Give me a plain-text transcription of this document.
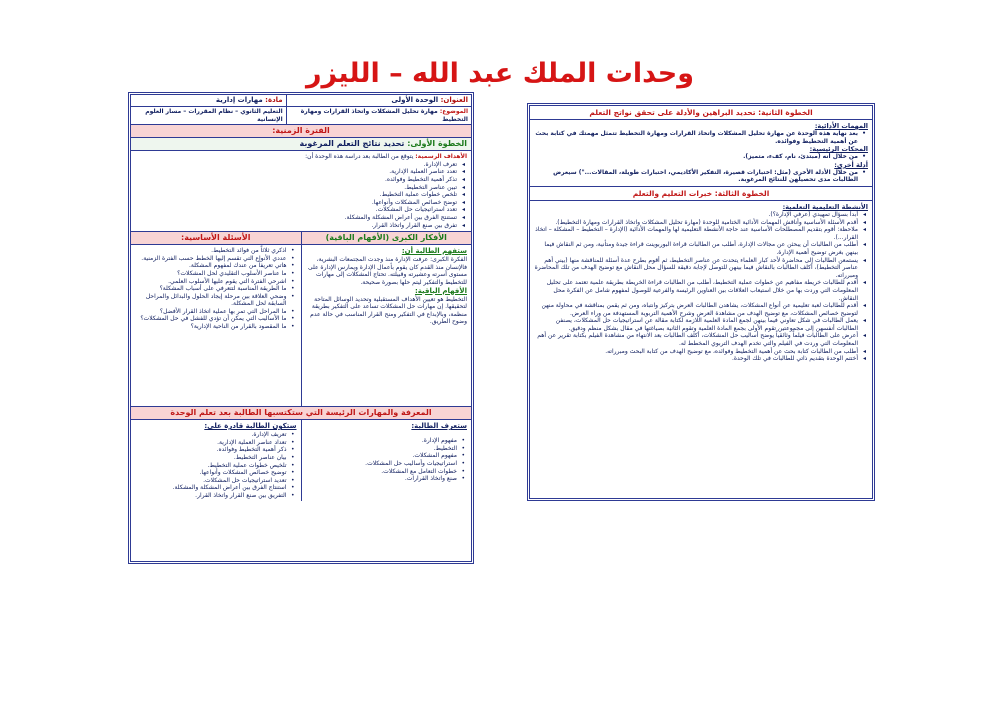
وحدات الملك عبد الله – الليزر
العنوان: الوحدة الأولى
مادة: مهارات إدارية
الموضوع: مهارة تحليل المشكلات واتخاذ القرارات ومهارة التخطيط
التعليم الثانوي – نظام المقررات – مسار العلوم الإنسانية
الفترة الزمنية:
الخطوة الأولى: تحديد نتائج التعلم المرغوبة
الأهداف الرسمية: يتوقع من الطالبة بعد دراسة هذه الوحدة أن:
◂ تعرف الإدارة.
◂ تعدد عناصر العملية الإدارية.
◂ تذكر أهمية التخطيط وفوائده.
◂ تبين عناصر التخطيط.
◂ تلخص خطوات عملية التخطيط.
◂ توضح خصائص المشكلات وأنواعها.
◂ تعدد استراتيجيات حل المشكلات.
◂ تستنتج الفرق بين أعراض المشكلة والمشكلة.
◂ تفرق بين صنع القرار واتخاذ القرار.
الأفكار الكبرى (الأفهام الباقية)
ستفهم الطالبة أن:
الفكرة الكبرى: عرفت الإدارة منذ وجدت المجتمعات البشرية، فالإنسان منذ القدم كان يقوم بأعمال الإدارة ويمارس الإدارة على مستوى أسرته وعشيرته وقبيلته. تحتاج المشكلات إلى مهارات للتخطيط والتفكير ليتم حلها بصورة صحيحة.
الأفهام الباقية:
التخطيط هو تعيين الأهداف المستقبلية وتحديد الوسائل المتاحة لتحقيقها. إن مهارات حل المشكلات تساعد على التفكير بطريقة منظمة، وبالإبداع في التفكير ومنح القرار المناسب في حالة عدم وضوح الطريق.
الأسئلة الأساسية:
• اذكري ثلاثاً من فوائد التخطيط.
• عددي الأنواع التي تقسم إليها الخطط حسب الفترة الزمنية.
• هاتي تعريفاً من عندك لمفهوم المشكلة.
• ما عناصر الأسلوب التقليدي لحل المشكلات؟
• اشرحي الفترة التي يقوم عليها الأسلوب العلمي.
• ما الطريقة المناسبة لتتعرفي على أسباب المشكلة؟
• وضحي العلاقة بين مرحلة إيجاد الحلول والبدائل والمراحل السابقة لحل المشكلة.
• ما المراحل التي تمر بها عملية اتخاذ القرار الأفضل؟
• ما الأساليب التي يمكن أن تؤدي للفشل في حل المشكلات؟
• ما المقصود بالقرار من الناحية الإدارية؟
المعرفة والمهارات الرئيسة التي ستكتسبها الطالبة بعد تعلم الوحدة
ستعرف الطالبة:
• مفهوم الإدارة.
• التخطيط.
• مفهوم المشكلات.
• استراتيجيات وأساليب حل المشكلات.
• خطوات التعامل مع المشكلات.
• صنع واتخاذ القرارات.
ستكون الطالبة قادرة على:
• تعريف الإدارة.
• تعداد عناصر العملية الإدارية.
• ذكر أهمية التخطيط وفوائده.
• بيان عناصر التخطيط.
• تلخيص خطوات عملية التخطيط.
• توضيح خصائص المشكلات وأنواعها.
• تعديد استراتيجيات حل المشكلات.
• استنتاج الفرق بين أعراض المشكلة والمشكلة.
• التفريق بين صنع القرار واتخاذ القرار.
الخطوة الثانية: تحديد البراهين والأدلة على تحقق نواتج التعلم
المهمات الأدائية:
• بعد نهاية هذه الوحدة عن مهارة تحليل المشكلات واتخاذ القرارات ومهارة التخطيط تتمثل مهمتك في كتابة بحث عن أهمية التخطيط وفوائده.
المحكات الرئيسية:
• من خلال أنه (مبتدئ، نام، كفء، متميز).
أدلة أخرى:
• من خلال الأدلة الأخرى (مثل: اختبارات قصيرة، التفكير الأكاديمي، اختبارات طويلة، المقالات...") سيعرض الطالبات مدى تحصيلهن للنتائج المرغوبة.
الخطوة الثالثة: خبرات التعليم والتعلم
الأنشطة التعليمية التعلمية:
◂ أبدأ بسؤال تمهيدي (عرفي الإدارة؟).
◂ أقدم الأسئلة الأساسية وأناقش المهمات الأدائية الختامية للوحدة (مهارة تحليل المشكلات واتخاذ القرارات ومهارة التخطيط).
◂ ملاحظة: أقوم بتقديم المصطلحات الأساسية عند حاجة الأنشطة التعليمية لها والمهمات الأدائية (الإدارة – التخطيط – المشكلة – اتخاذ القرار...).
◂ أطلب من الطالبات أن يبحثن عن مجالات الإدارة، أطلب من الطالبات قراءة البوربوينت قراءة جيدة ومتأنية، ومن ثم النقاش فيما بينهن بغرض توضيح أهمية الإدارة.
◂ يستمعن الطالبات إلى محاضرة لأحد كبار العلماء يتحدث عن عناصر التخطيط، ثم أقوم بطرح عدة أسئلة للمناقشة منها (بيني أهم عناصر التخطيط)، أكلف الطالبات بالنقاش فيما بينهن للتوصل لإجابة دقيقة للسؤال محل النقاش مع توضيح الهدف من تلك المحاضرة ومبرراته.
◂ أقدم للطالبات خريطة مفاهيم عن خطوات عملية التخطيط، أطلب من الطالبات قراءة الخريطة بطريقة علمية تعتمد على تحليل المعلومات التي وردت بها من خلال استيعاب العلاقات بين العناوين الرئيسة والفرعية للوصول لمفهوم شامل عن الفكرة محل النقاش.
◂ أقدم للطالبات لعبة تعليمية عن أنواع المشكلات، يشاهدن الطالبات العرض بتركيز وانتباه، ومن ثم يقمن بمناقشة في محاولة منهن لتوضيح خصائص المشكلات، مع توضيح الهدف من مشاهدة العرض وشرح الأهمية التربوية المستهدفة من وراء العرض.
◂ يعمل الطالبات في شكل تعاوني فيما بينهن لجمع المادة العلمية اللازمة لكتابة مقالة عن استراتيجيات حل المشكلات، يصنفن الطالبات أنفسهن إلى مجموعتين تقوم الأولى بجمع المادة العلمية وتقوم الثانية بصياغتها في مقال بشكل منظم ودقيق.
◂ أعرض على الطالبات فيلماً وثائقياً يوضح أساليب حل المشكلات، أكلف الطالبات بعد الانتهاء من مشاهدة الفيلم بكتابة تقرير عن أهم المعلومات التي وردت في الفيلم والتي تخدم الهدف التربوي المخطط له.
◂ أطلب من الطالبات كتابة بحث عن أهمية التخطيط وفوائده، مع توضيح الهدف من كتابة البحث ومبرراته.
◂ أختتم الوحدة بتقديم ذاتي للطالبات في تلك الوحدة.
